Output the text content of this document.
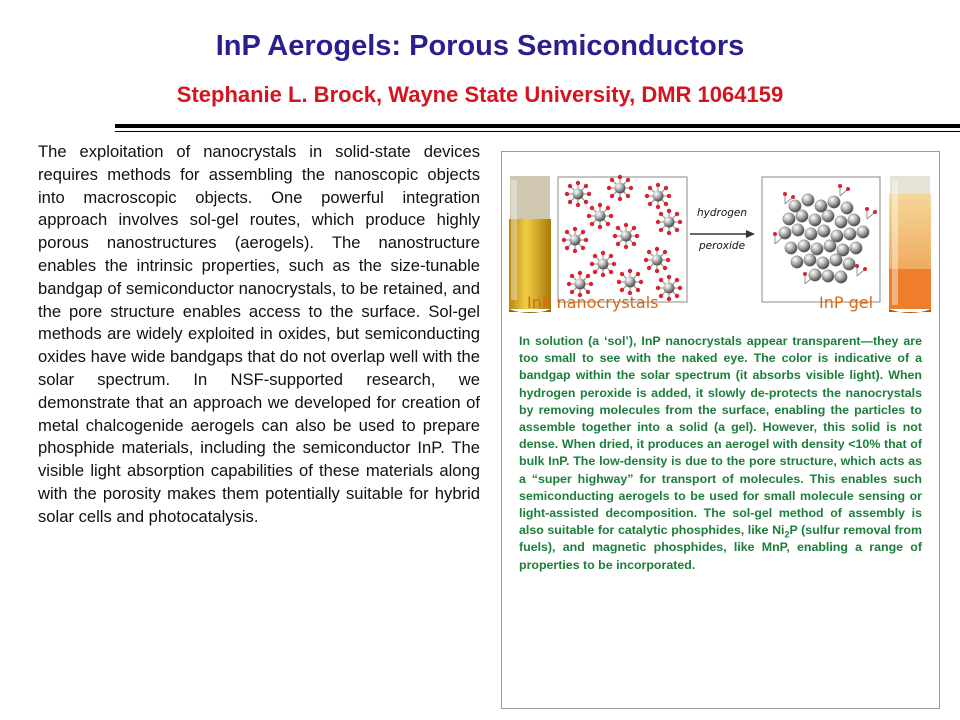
InP Aerogels: Porous Semiconductors
Stephanie L. Brock, Wayne State University, DMR 1064159

The exploitation of nanocrystals in solid-state devices requires methods for assembling the nanoscopic objects into macroscopic objects. One powerful integration approach involves sol-gel routes, which produce highly porous nanostructures (aerogels). The nanostructure enables the intrinsic properties, such as the size-tunable bandgap of semiconductor nanocrystals, to be retained, and the pore structure enables access to the surface. Sol-gel methods are widely exploited in oxides, but semiconducting oxides have wide bandgaps that do not overlap well with the solar spectrum. In NSF-supported research, we demonstrate that an approach we developed for creation of metal chalcogenide aerogels can also be used to prepare phosphide materials, including the semiconductor InP. The visible light absorption capabilities of these materials along with the porosity makes them potentially suitable for hybrid solar cells and photocatalysis.

hydrogen
peroxide
InP nanocrystals	InP gel

In solution (a ‘sol’), InP nanocrystals appear transparent—they are too small to see with the naked eye. The color is indicative of a bandgap within the solar spectrum (it absorbs visible light). When hydrogen peroxide is added, it slowly de-protects the nanocrystals by removing molecules from the surface, enabling the particles to assemble together into a solid (a gel). However, this solid is not dense. When dried, it produces an aerogel with density <10% that of bulk InP. The low-density is due to the pore structure, which acts as a “super highway” for transport of molecules. This enables such semiconducting aerogels to be used for small molecule sensing or light-assisted decomposition. The sol-gel method of assembly is also suitable for catalytic phosphides, like $Ni_2P$ (sulfur removal from fuels), and magnetic phosphides, like MnP, enabling a range of properties to be incorporated.
